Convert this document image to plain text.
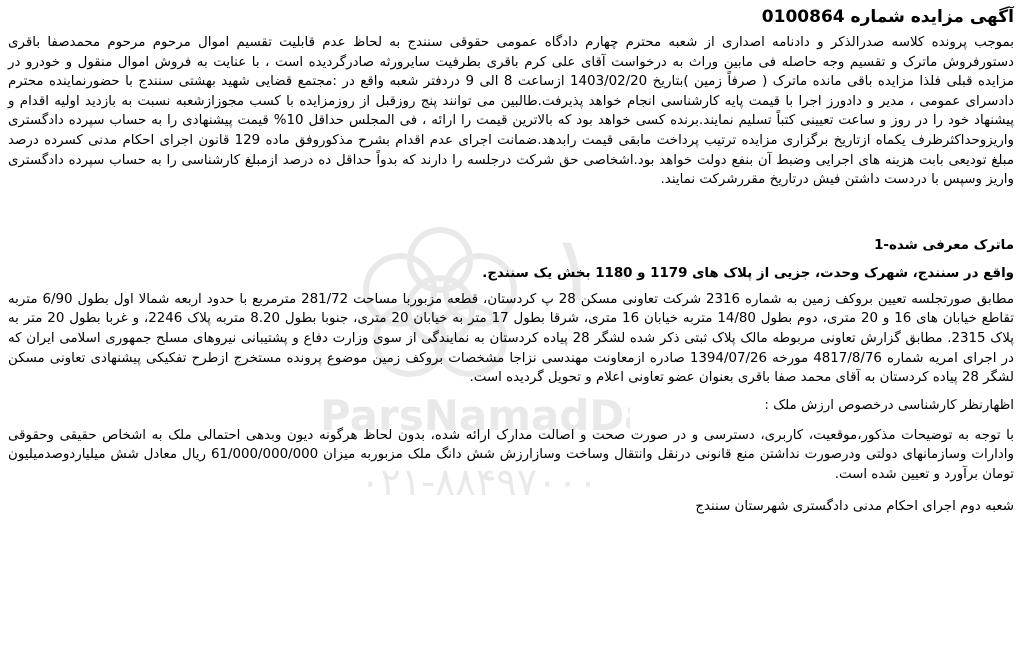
۱۰
ParsNamadD
۰۲۱-۸۸۴۹۷۰۰۰
آگهی مزایده شماره 0100864

بموجب پرونده کلاسه صدرالذکر و دادنامه اصداری از شعبه محترم چهارم دادگاه عمومی حقوقی سنندج به لحاظ عدم قابلیت تقسیم اموال مرحوم مرحوم محمدصفا باقری دستورفروش ماترک و تقسیم وجه حاصله فی مابین وراث به درخواست آقای علی کرم باقری بطرفیت سایرورثه صادرگردیده است ، با عنایت به فروش اموال منقول و خودرو در مزایده قبلی فلذا مزایده باقی مانده ماترک ( صرفاً زمین )بتاریخ 1403/02/20 ازساعت 8 الی 9 دردفتر شعبه واقع در :مجتمع قضایی شهید بهشتی سنندج با حضورنماینده محترم دادسرای عمومی ، مدیر و دادورز اجرا با قیمت پایه کارشناسی انجام خواهد پذیرفت.طالبین می توانند پنج روزقبل از روزمزایده با کسب مجوزازشعبه نسبت به بازدید اولیه اقدام و پیشنهاد خود را در روز و ساعت تعیینی کتباً تسلیم نمایند.برنده کسی خواهد بود که بالاترین قیمت را ارائه ، فی المجلس حداقل 10% قیمت پیشنهادی را به حساب سپرده دادگستری واریزوحداکثرظرف یکماه ازتاریخ برگزاری مزایده ترتیب پرداخت مابقی قیمت رابدهد.ضمانت اجرای عدم اقدام بشرح مذکوروفق ماده 129 قانون اجرای احکام مدنی کسرده درصد مبلغ تودیعی بابت هزینه های اجرایی وضبط آن بنفع دولت خواهد بود.اشخاصی حق شرکت درجلسه را دارند که بدواً حداقل ده درصد ازمبلغ کارشناسی را به حساب سپرده دادگستری واریز وسپس با دردست داشتن فیش درتاریخ مقررشرکت نمایند.

ماترک معرفی شده-1
واقع در سنندج، شهرک وحدت، جزیی از پلاک های 1179 و 1180 بخش یک سنندج.

مطابق صورتجلسه تعیین بروکف زمین به شماره 2316 شرکت تعاونی مسکن 28 پ کردستان، قطعه مزبوربا مساحت 281/72 مترمربع با حدود اربعه شمالا اول بطول 6/90 متربه تقاطع خیابان های 16 و 20 متری، دوم بطول 14/80 متربه خیابان 16 متری، شرقا بطول 17 متر به خیابان 20 متری، جنوبا بطول 8.20 متربه پلاک 2246، و غربا بطول 20 متر به پلاک 2315. مطابق گزارش تعاونی مربوطه مالک پلاک ثبتی ذکر شده لشگر 28 پیاده کردستان به نمایندگی از سوی وزارت دفاع و پشتیبانی نیروهای مسلح جمهوری اسلامی ایران که در اجرای امریه شماره 4817/8/76 مورخه 1394/07/26 صادره ازمعاونت مهندسی نزاجا مشخصات بروکف زمین موضوع پرونده مستخرج ازطرح تفکیکی پیشنهادی تعاونی مسکن لشگر 28 پیاده کردستان به آقای محمد صفا باقری بعنوان عضو تعاونی اعلام و تحویل گردیده است.

اظهارنظر کارشناسی درخصوص ارزش ملک :

با توجه به توضیحات مذکور،موقعیت، کاربری، دسترسی و در صورت صحت و اصالت مدارک ارائه شده، بدون لحاظ هرگونه دیون وبدهی احتمالی ملک به اشخاص حقیقی وحقوقی وادارات وسازمانهای دولتی ودرصورت نداشتن منع قانونی درنقل وانتقال وساخت وسازارزش شش دانگ ملک مزبوربه میزان 61/000/000/000 ریال معادل شش میلیاردوصدمیلیون تومان برآورد و تعیین شده است.

شعبه دوم اجرای احکام مدنی دادگستری شهرستان سنندج
